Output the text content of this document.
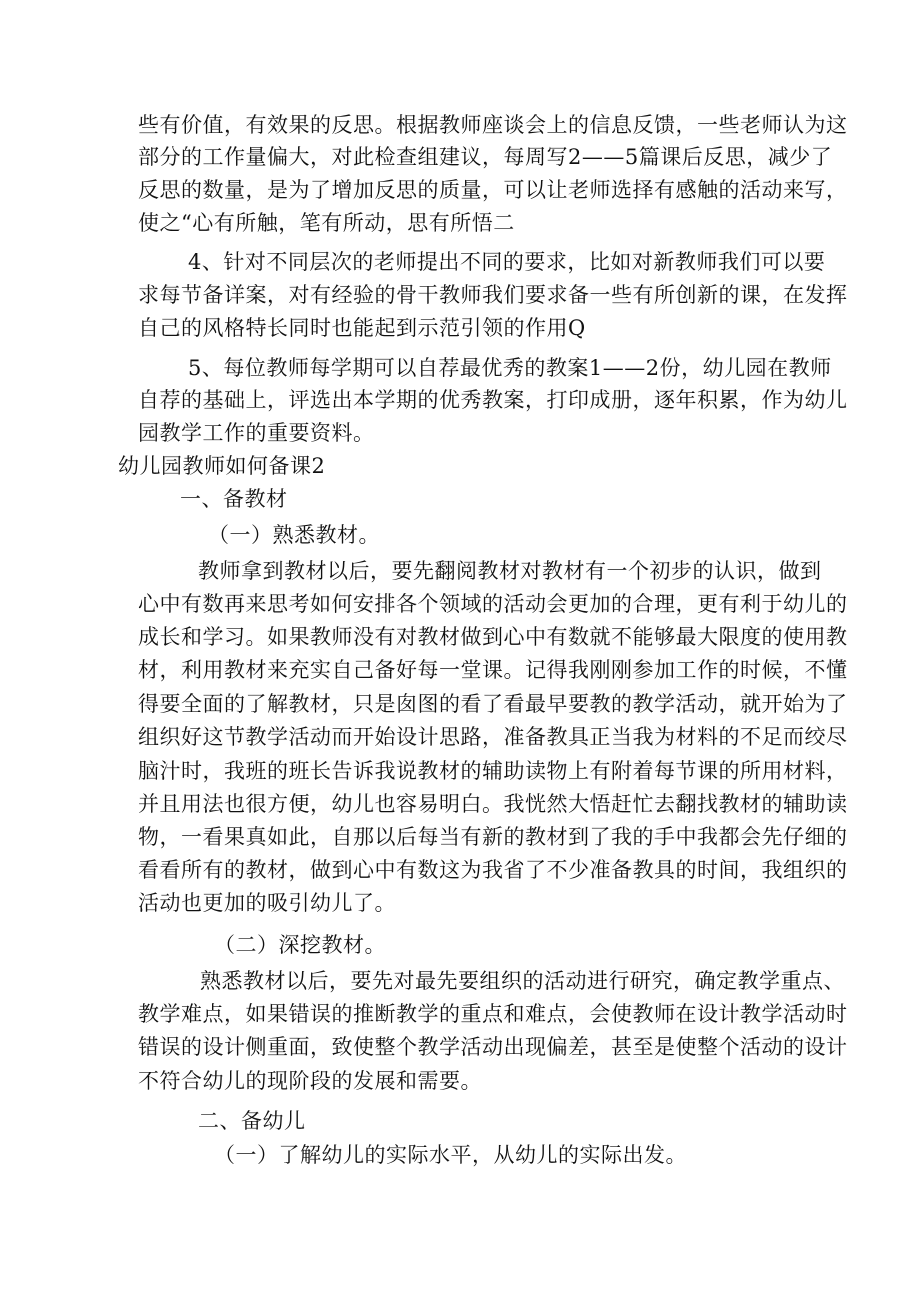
些有价值，有效果的反思。根据教师座谈会上的信息反馈，一些老师认为这
部分的工作量偏大，对此检查组建议，每周写2——5篇课后反思，减少了
反思的数量，是为了增加反思的质量，可以让老师选择有感触的活动来写，
使之“心有所触，笔有所动，思有所悟二
4、针对不同层次的老师提出不同的要求，比如对新教师我们可以要
求每节备详案，对有经验的骨干教师我们要求备一些有所创新的课，在发挥
自己的风格特长同时也能起到示范引领的作用Q
5、每位教师每学期可以自荐最优秀的教案1——2份，幼儿园在教师
自荐的基础上，评选出本学期的优秀教案，打印成册，逐年积累，作为幼儿
园教学工作的重要资料。
幼儿园教师如何备课2
一、备教材
（一）熟悉教材。
教师拿到教材以后，要先翻阅教材对教材有一个初步的认识，做到
心中有数再来思考如何安排各个领域的活动会更加的合理，更有利于幼儿的
成长和学习。如果教师没有对教材做到心中有数就不能够最大限度的使用教
材，利用教材来充实自己备好每一堂课。记得我刚刚参加工作的时候，不懂
得要全面的了解教材，只是囱图的看了看最早要教的教学活动，就开始为了
组织好这节教学活动而开始设计思路，准备教具正当我为材料的不足而绞尽
脑汁时，我班的班长告诉我说教材的辅助读物上有附着每节课的所用材料，
并且用法也很方便，幼儿也容易明白。我恍然大悟赶忙去翻找教材的辅助读
物，一看果真如此，自那以后每当有新的教材到了我的手中我都会先仔细的
看看所有的教材，做到心中有数这为我省了不少准备教具的时间，我组织的
活动也更加的吸引幼儿了。
（二）深挖教材。
熟悉教材以后，要先对最先要组织的活动进行研究，确定教学重点、
教学难点，如果错误的推断教学的重点和难点，会使教师在设计教学活动时
错误的设计侧重面，致使整个教学活动出现偏差，甚至是使整个活动的设计
不符合幼儿的现阶段的发展和需要。
二、备幼儿
（一）了解幼儿的实际水平，从幼儿的实际出发。
